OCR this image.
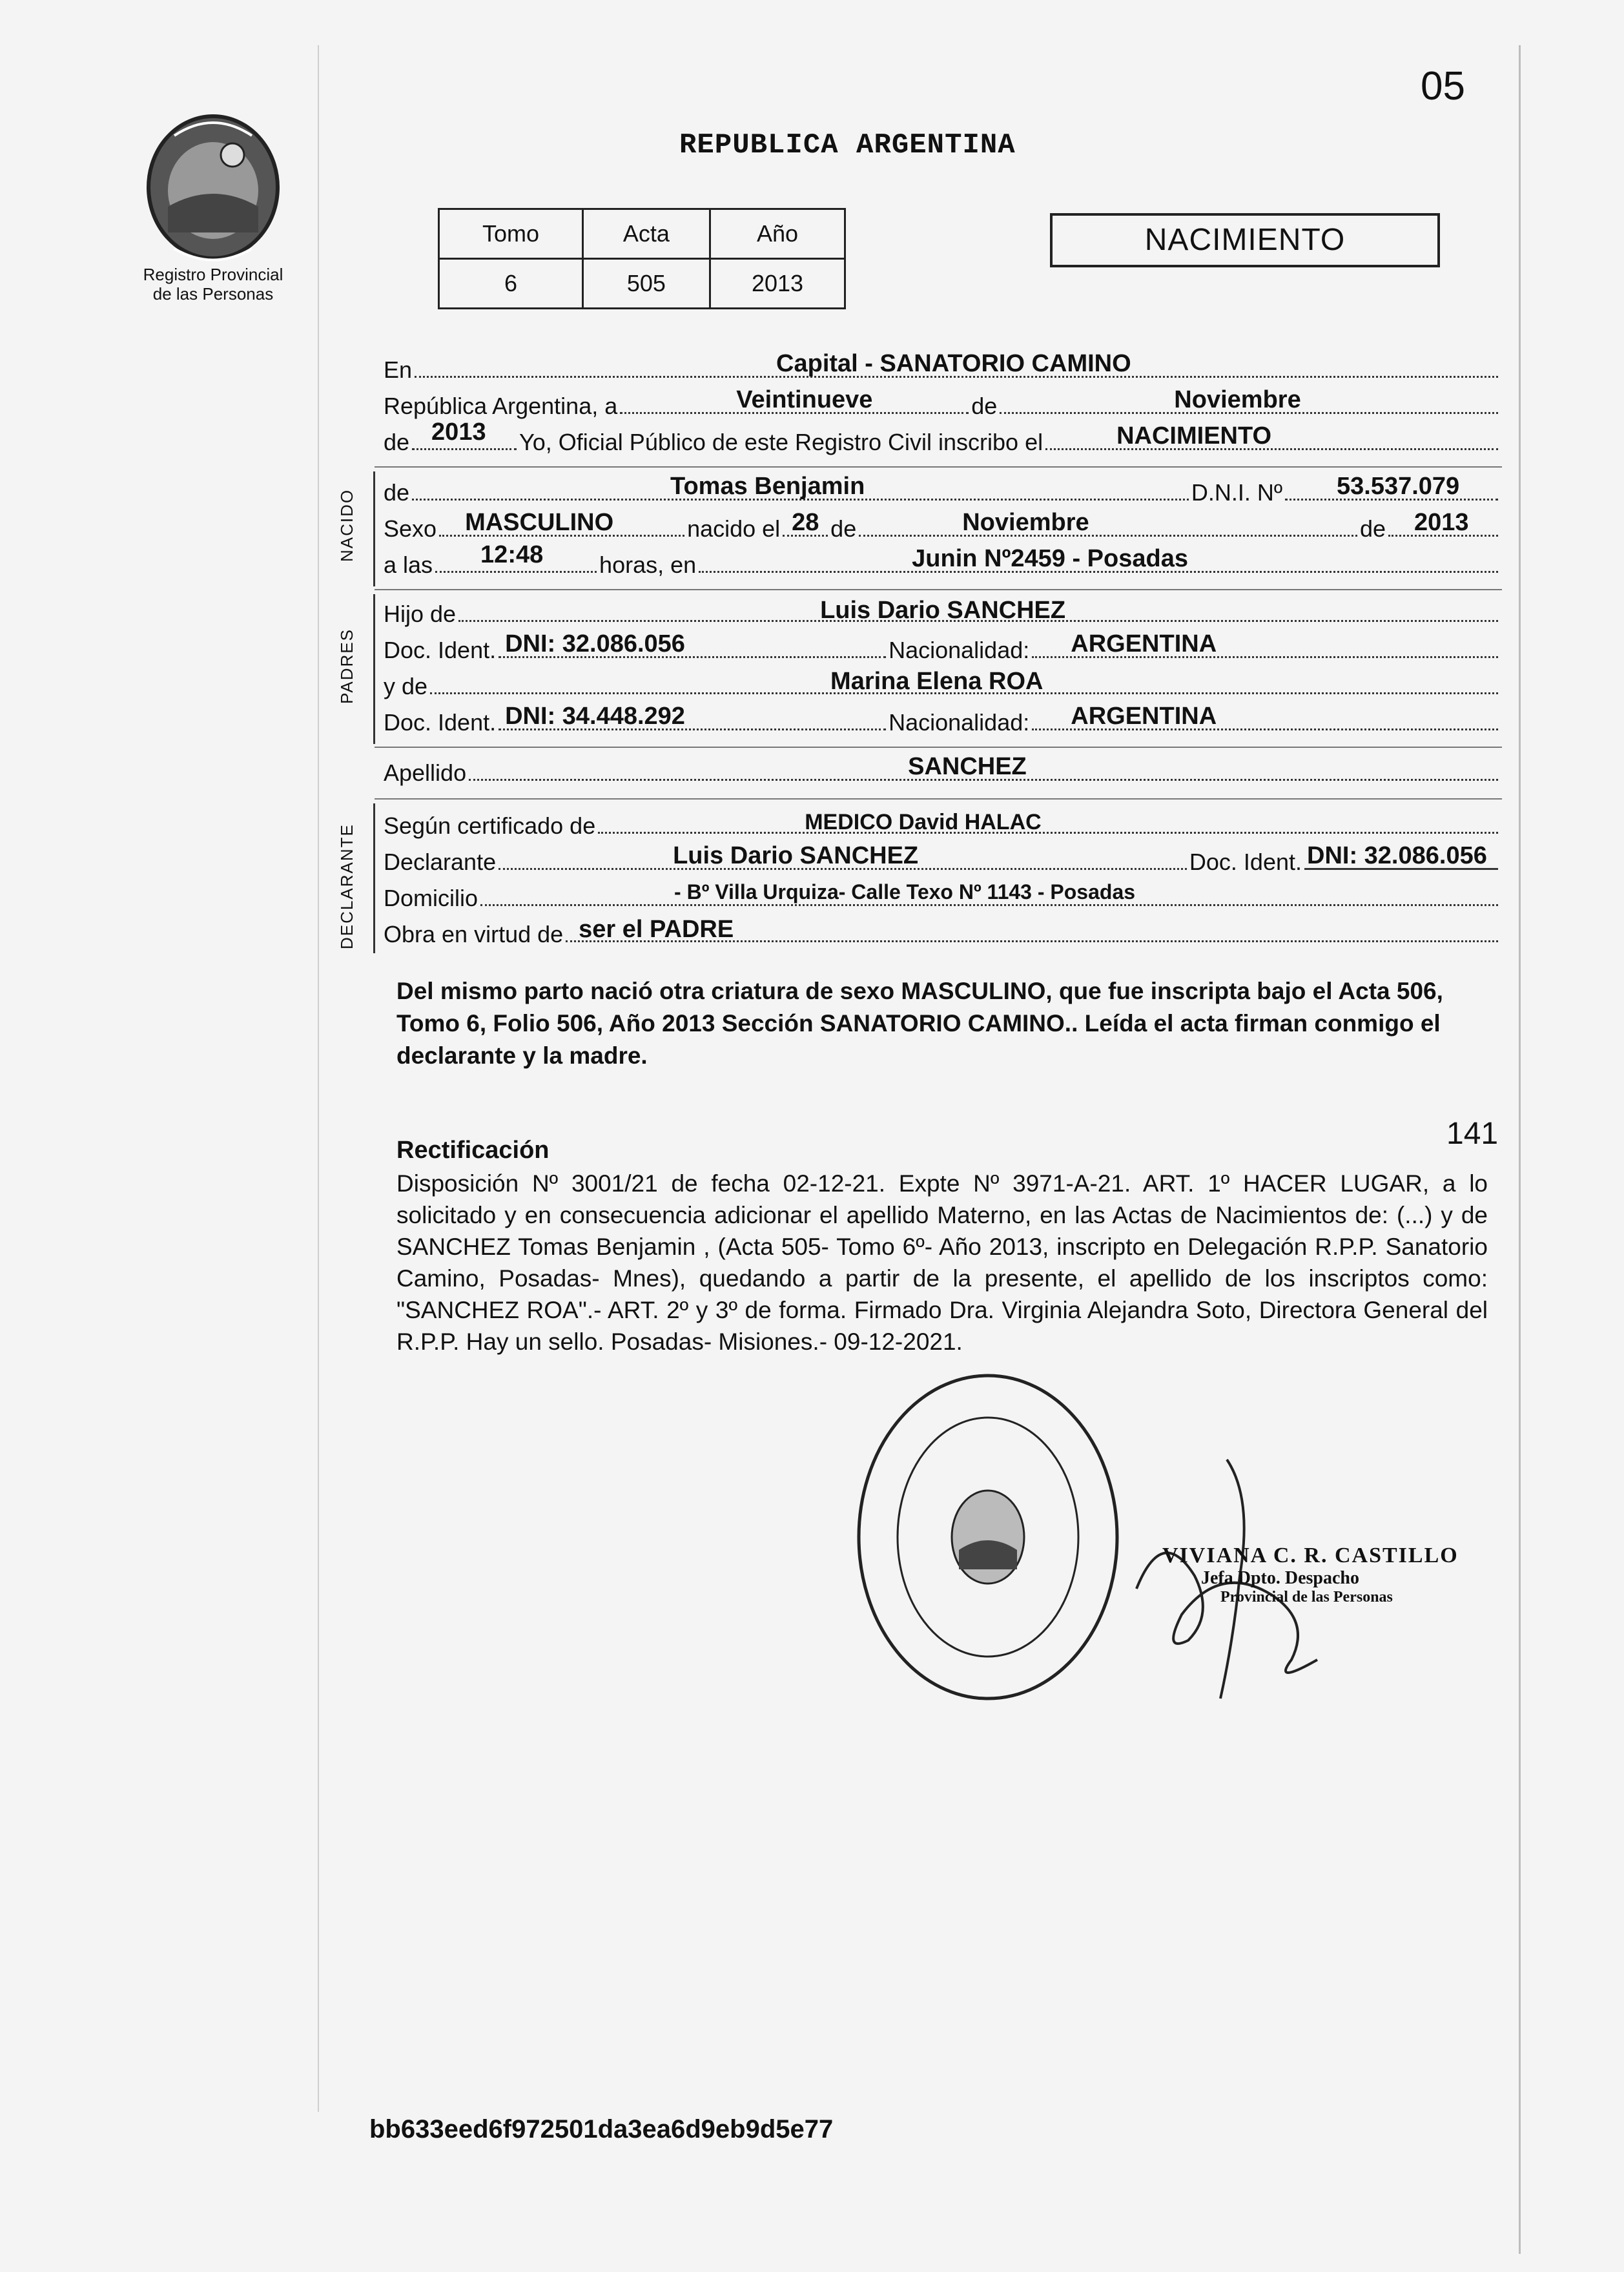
Registro Provincial
de las Personas
05
REPUBLICA ARGENTINA
Tomo	Acta	Año
6	505	2013
NACIMIENTO
En	Capital - SANATORIO CAMINO
República Argentina, a	Veintinueve	de	Noviembre
de 2013 Yo, Oficial Público de este Registro Civil inscribo el	NACIMIENTO
NACIDO de	Tomas Benjamin	D.N.I. Nº 53.537.079
Sexo MASCULINO	nacido el 28 de	Noviembre	de 2013
a las 12:48 horas, en	Junin Nº2459 - Posadas
PADRES
Hijo de	Luis Dario SANCHEZ
Doc. Ident. DNI: 32.086.056	Nacionalidad: ARGENTINA
y de	Marina Elena ROA
Doc. Ident. DNI: 34.448.292	Nacionalidad: ARGENTINA
Apellido	SANCHEZ
DECLARANTE Según certificado de	MEDICO David HALAC
Declarante	Luis Dario SANCHEZ	Doc. Ident. DNI: 32.086.056
Domicilio	- Bº Villa Urquiza- Calle Texo Nº 1143 - Posadas
Obra en virtud de ser el PADRE
Del mismo parto nació otra criatura de sexo MASCULINO, que fue inscripta bajo el Acta 506, Tomo 6, Folio 506, Año 2013 Sección SANATORIO CAMINO.. Leída el acta firman conmigo el declarante y la madre.
141
Rectificación
Disposición Nº 3001/21 de fecha 02-12-21. Expte Nº 3971-A-21. ART. 1º HACER LUGAR, a lo solicitado y en consecuencia adicionar el apellido Materno, en las Actas de Nacimientos de: (...) y de SANCHEZ Tomas Benjamin , (Acta 505- Tomo 6º- Año 2013, inscripto en Delegación R.P.P. Sanatorio Camino, Posadas- Mnes), quedando a partir de la presente, el apellido de los inscriptos como: "SANCHEZ ROA".- ART. 2º y 3º de forma. Firmado Dra. Virginia Alejandra Soto, Directora General del R.P.P. Hay un sello. Posadas- Misiones.- 09-12-2021.
VIVIANA C. R. CASTILLO
Jefa Dpto. Despacho
Provincial de las Personas
bb633eed6f972501da3ea6d9eb9d5e77
